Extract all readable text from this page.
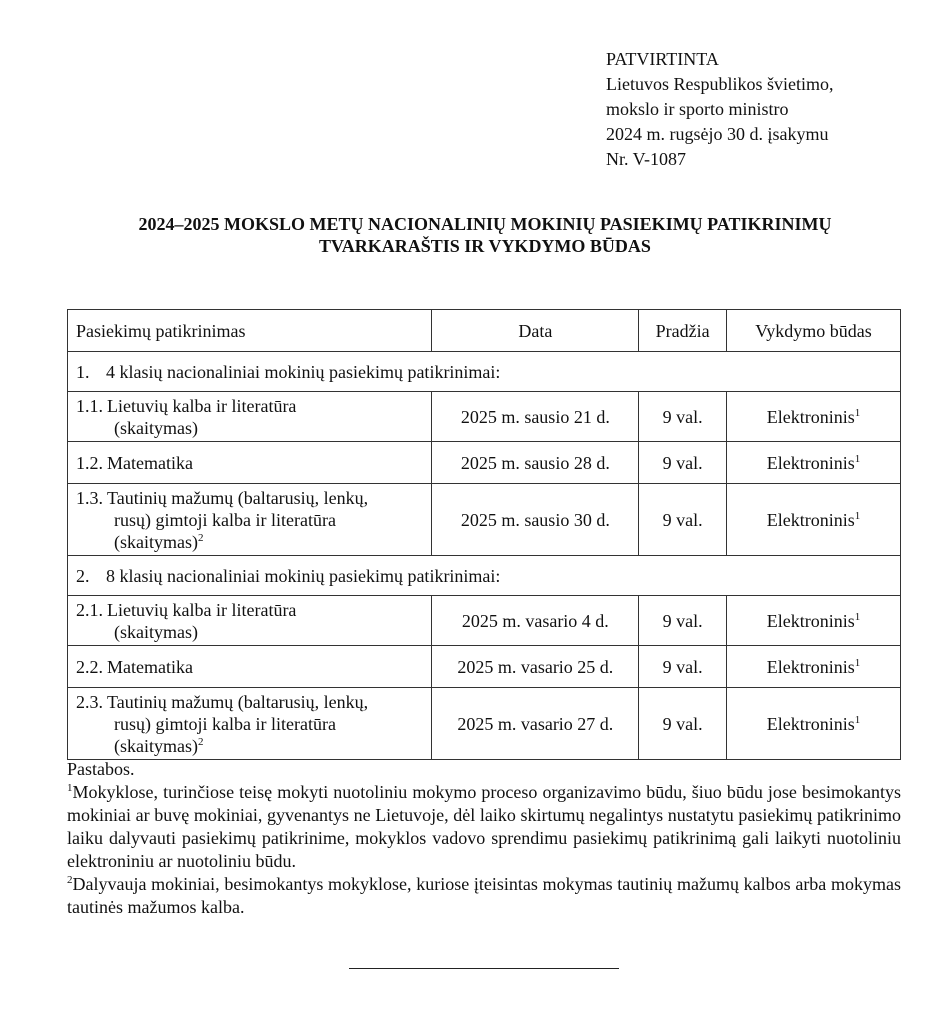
PATVIRTINTA
Lietuvos Respublikos švietimo,
mokslo ir sporto ministro
2024 m. rugsėjo 30 d. įsakymu
Nr. V-1087
2024–2025 MOKSLO METŲ NACIONALINIŲ MOKINIŲ PASIEKIMŲ PATIKRINIMŲ
TVARKARAŠTIS IR VYKDYMO BŪDAS
Pasiekimų patikrinimas	Data	Pradžia	Vykdymo būdas
1. 4 klasių nacionaliniai mokinių pasiekimų patikrinimai:			

1.1. Lietuvių kalba ir literatūra
(skaitymas)	2025 m. sausio 21 d.	9 val.	Elektroninis$^1$

1.2. Matematika	2025 m. sausio 28 d.	9 val.	Elektroninis$^1$

1.3. Tautinių mažumų (baltarusių, lenkų,
rusų) gimtoji kalba ir literatūra
(skaitymas)$^2$	2025 m. sausio 30 d.	9 val.	Elektroninis$^1$
2. 8 klasių nacionaliniai mokinių pasiekimų patikrinimai:			

2.1. Lietuvių kalba ir literatūra
(skaitymas)	2025 m. vasario 4 d.	9 val.	Elektroninis$^1$

2.2. Matematika	2025 m. vasario 25 d.	9 val.	Elektroninis$^1$

2.3. Tautinių mažumų (baltarusių, lenkų,
rusų) gimtoji kalba ir literatūra
(skaitymas)$^2$	2025 m. vasario 27 d.	9 val.	Elektroninis$^1$

Pastabos.

$^1$Mokyklose, turinčiose teisę mokyti nuotoliniu mokymo proceso organizavimo būdu, šiuo būdu jose besimokantys mokiniai ar buvę mokiniai, gyvenantys ne Lietuvoje, dėl laiko skirtumų negalintys nustatytu pasiekimų patikrinimo laiku dalyvauti pasiekimų patikrinime, mokyklos vadovo sprendimu pasiekimų patikrinimą gali laikyti nuotoliniu elektroniniu ar nuotoliniu būdu.

$^2$Dalyvauja mokiniai, besimokantys mokyklose, kuriose įteisintas mokymas tautinių mažumų kalbos arba mokymas tautinės mažumos kalba.
